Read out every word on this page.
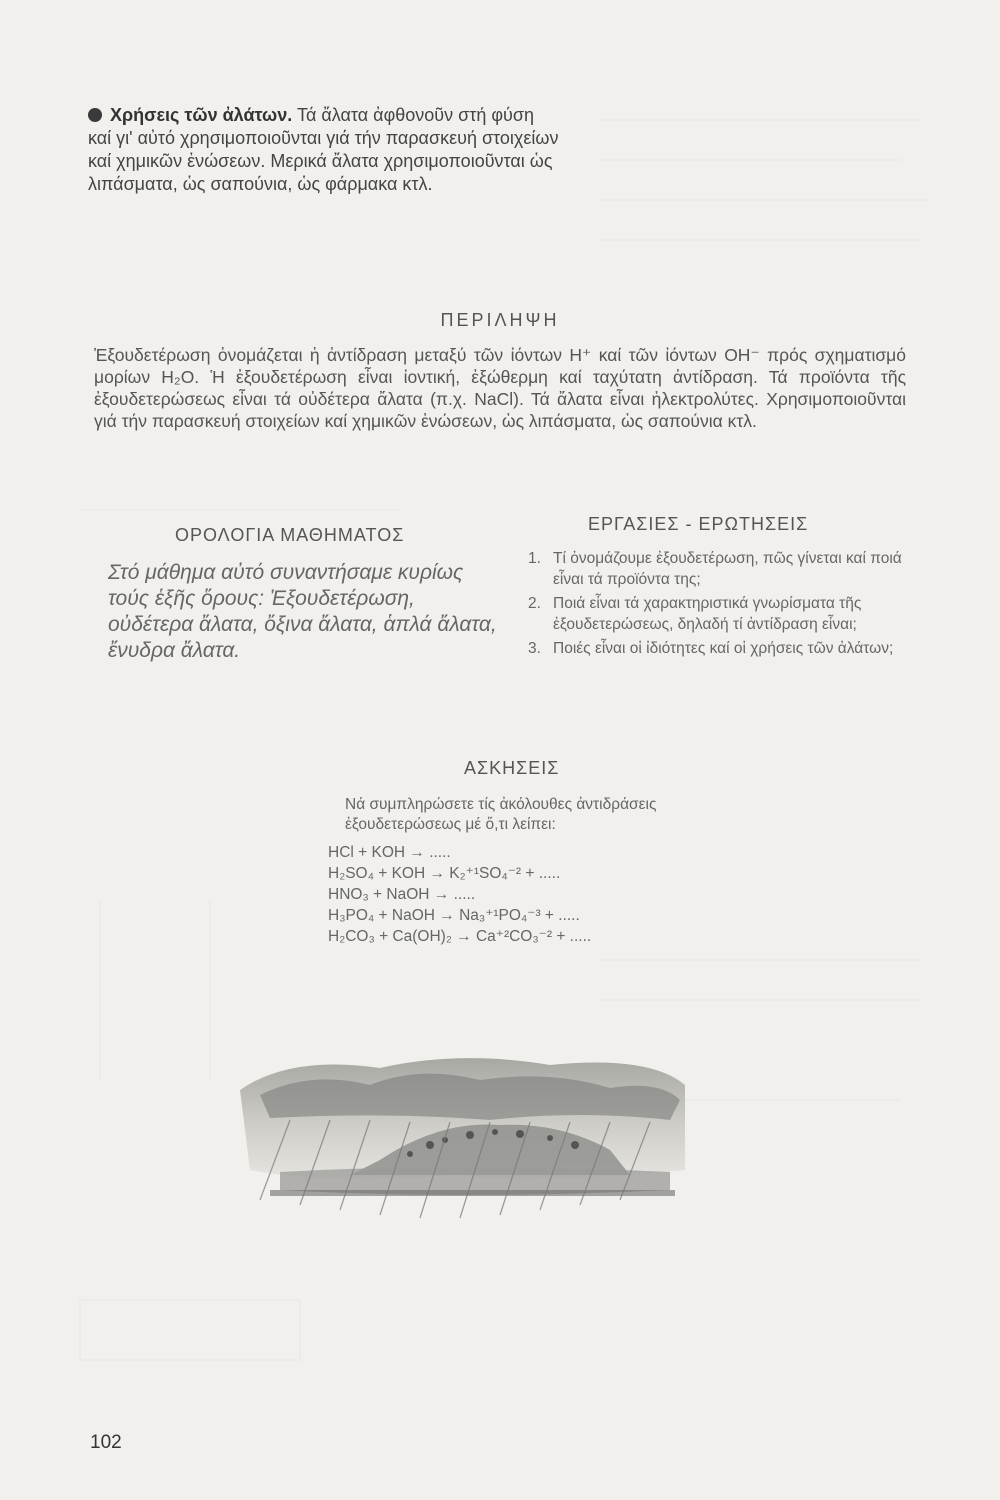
Χρήσεις τῶν ἀλάτων. Τά ἄλατα ἀφθονοῦν στή φύση καί γι' αὐτό χρησιμοποιοῦνται γιά τήν παρασκευή στοιχείων καί χημικῶν ἐνώσεων. Μερικά ἄλατα χρησιμοποιοῦνται ὡς λιπάσματα, ὡς σαπούνια, ὡς φάρμακα κτλ.
ΠΕΡΙΛΗΨΗ
Ἐξουδετέρωση ὀνομάζεται ἡ ἀντίδραση μεταξύ τῶν ἰόντων H⁺ καί τῶν ἰόντων OH⁻ πρός σχηματισμό μορίων H₂O. Ἡ ἐξουδετέρωση εἶναι ἰοντική, ἐξώθερμη καί ταχύτατη ἀντίδραση. Τά προϊόντα τῆς ἐξουδετερώσεως εἶναι τά οὐδέτερα ἄλατα (π.χ. NaCl). Τά ἄλατα εἶναι ἠλεκτρολύτες. Χρησιμοποιοῦνται γιά τήν παρασκευή στοιχείων καί χημικῶν ἐνώσεων, ὡς λιπάσματα, ὡς σαπούνια κτλ.
ΟΡΟΛΟΓΙΑ ΜΑΘΗΜΑΤΟΣ
Στό μάθημα αὐτό συναντήσαμε κυρίως τούς ἑξῆς ὅρους: Ἐξουδετέρωση, οὐδέτερα ἄλατα, ὄξινα ἄλατα, ἁπλά ἄλατα, ἔνυδρα ἄλατα.
ΕΡΓΑΣΙΕΣ - ΕΡΩΤΗΣΕΙΣ
1. Τί ὀνομάζουμε ἐξουδετέρωση, πῶς γίνεται καί ποιά εἶναι τά προϊόντα της;
2. Ποιά εἶναι τά χαρακτηριστικά γνωρίσματα τῆς ἐξουδετερώσεως, δηλαδή τί ἀντίδραση εἶναι;
3. Ποιές εἶναι οἱ ἰδιότητες καί οἱ χρήσεις τῶν ἀλάτων;
ΑΣΚΗΣΕΙΣ
Νά συμπληρώσετε τίς ἀκόλουθες ἀντιδράσεις ἐξουδετερώσεως μέ ὅ,τι λείπει:
HCl + KOH → .....
H₂SO₄ + KOH → K₂⁺¹SO₄⁻² + .....
HNO₃ + NaOH → .....
H₃PO₄ + NaOH → Na₃⁺¹PO₄⁻³ + .....
H₂CO₃ + Ca(OH)₂ → Ca⁺²CO₃⁻² + .....
102
